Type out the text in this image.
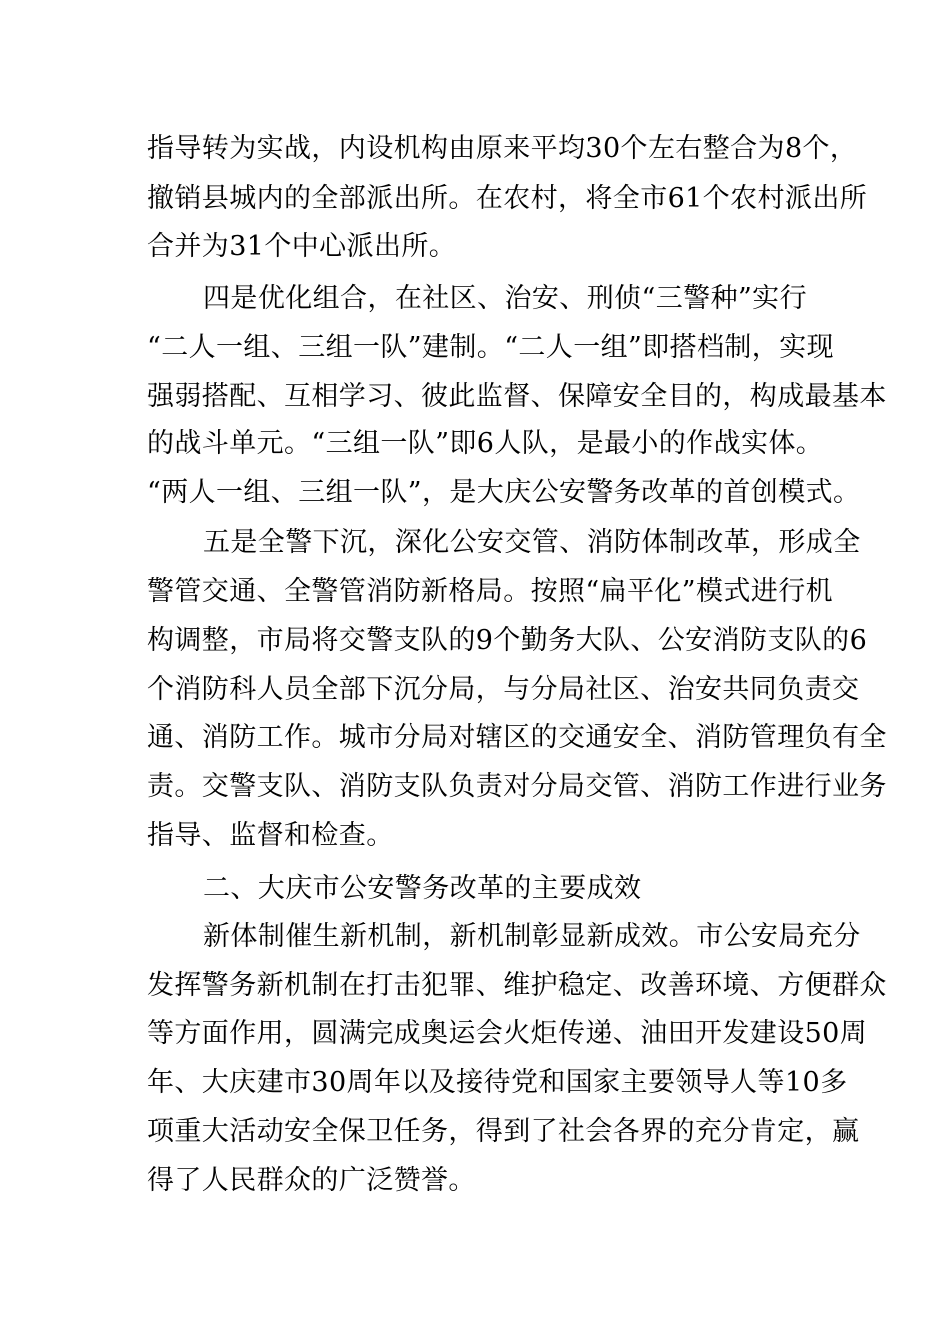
指导转为实战，内设机构由原来平均30个左右整合为8个，
撤销县城内的全部派出所。在农村，将全市61个农村派出所
合并为31个中心派出所。
四是优化组合，在社区、治安、刑侦“三警种”实行
“二人一组、三组一队”建制。“二人一组”即搭档制，实现
强弱搭配、互相学习、彼此监督、保障安全目的，构成最基本
的战斗单元。“三组一队”即6人队，是最小的作战实体。
“两人一组、三组一队”，是大庆公安警务改革的首创模式。
五是全警下沉，深化公安交管、消防体制改革，形成全
警管交通、全警管消防新格局。按照“扁平化”模式进行机
构调整，市局将交警支队的9个勤务大队、公安消防支队的6
个消防科人员全部下沉分局，与分局社区、治安共同负责交
通、消防工作。城市分局对辖区的交通安全、消防管理负有全
责。交警支队、消防支队负责对分局交管、消防工作进行业务
指导、监督和检查。
二、大庆市公安警务改革的主要成效
新体制催生新机制，新机制彰显新成效。市公安局充分
发挥警务新机制在打击犯罪、维护稳定、改善环境、方便群众
等方面作用，圆满完成奥运会火炬传递、油田开发建设50周
年、大庆建市30周年以及接待党和国家主要领导人等10多
项重大活动安全保卫任务，得到了社会各界的充分肯定，赢
得了人民群众的广泛赞誉。
